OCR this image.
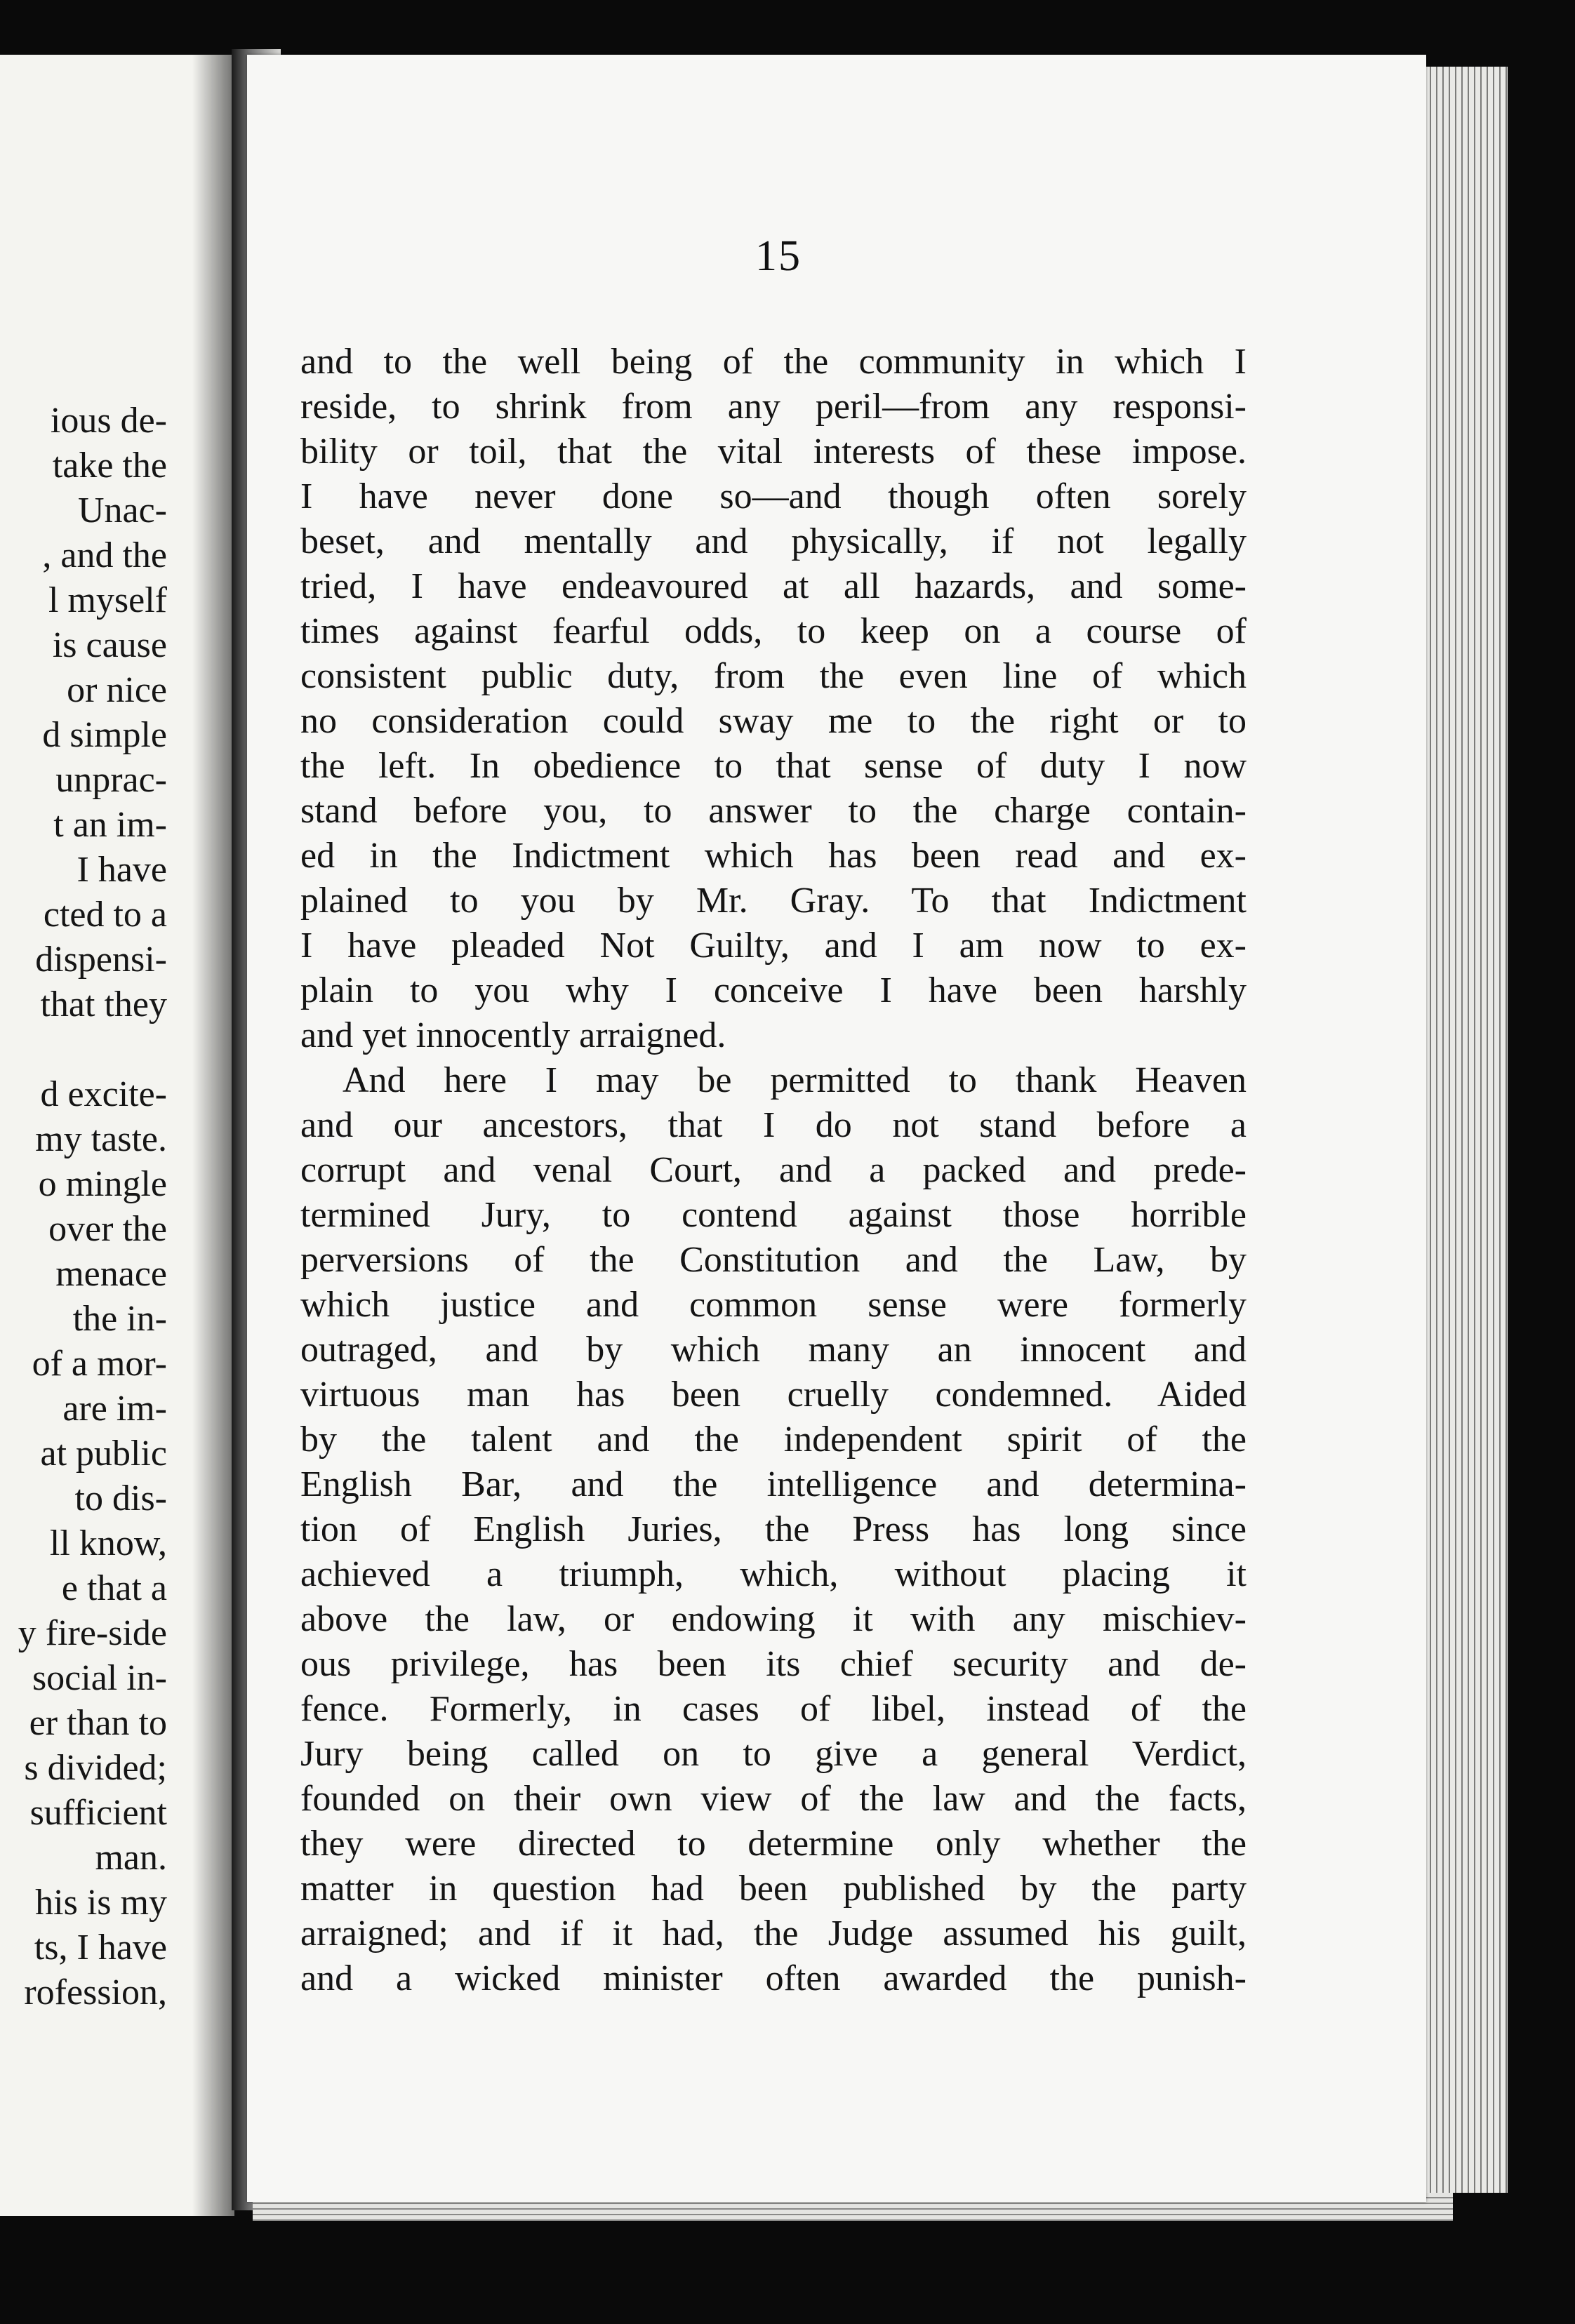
ious de-
take the
Unac-
, and the
l myself
is cause
or nice
d simple
unprac-
t an im-
I have
cted to a
dispensi-
that they
d excite-
my taste.
o mingle
over the
menace
the in-
of a mor-
are im-
at public
to dis-
ll know,
e that a
y fire-side
social in-
er than to
s divided;
sufficient
man.
his is my
ts, I have
rofession,
15
and to the well being of the community in which I
reside, to shrink from any peril—from any responsi-
bility or toil, that the vital interests of these impose.
I have never done so—and though often sorely
beset, and mentally and physically, if not legally
tried, I have endeavoured at all hazards, and some-
times against fearful odds, to keep on a course of
consistent public duty, from the even line of which
no consideration could sway me to the right or to
the left. In obedience to that sense of duty I now
stand before you, to answer to the charge contain-
ed in the Indictment which has been read and ex-
plained to you by Mr. Gray. To that Indictment
I have pleaded Not Guilty, and I am now to ex-
plain to you why I conceive I have been harshly
and yet innocently arraigned.
And here I may be permitted to thank Heaven
and our ancestors, that I do not stand before a
corrupt and venal Court, and a packed and prede-
termined Jury, to contend against those horrible
perversions of the Constitution and the Law, by
which justice and common sense were formerly
outraged, and by which many an innocent and
virtuous man has been cruelly condemned. Aided
by the talent and the independent spirit of the
English Bar, and the intelligence and determina-
tion of English Juries, the Press has long since
achieved a triumph, which, without placing it
above the law, or endowing it with any mischiev-
ous privilege, has been its chief security and de-
fence. Formerly, in cases of libel, instead of the
Jury being called on to give a general Verdict,
founded on their own view of the law and the facts,
they were directed to determine only whether the
matter in question had been published by the party
arraigned; and if it had, the Judge assumed his guilt,
and a wicked minister often awarded the punish-
